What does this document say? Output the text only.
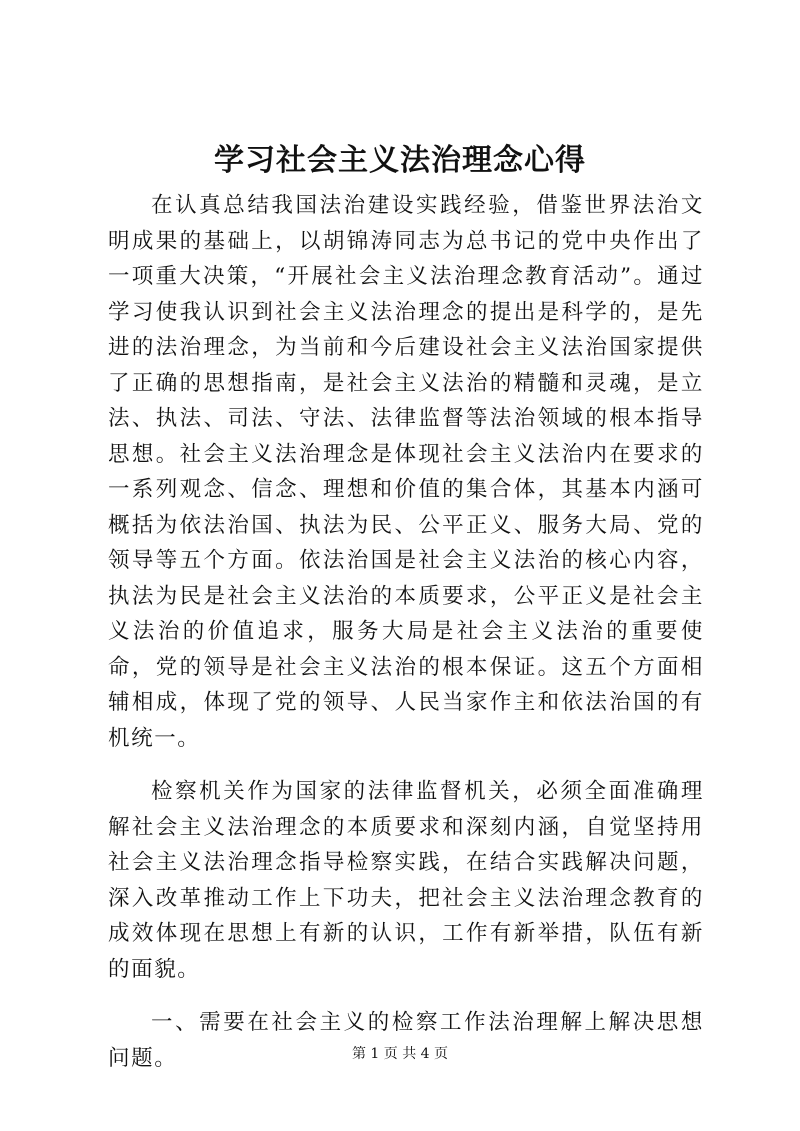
学习社会主义法治理念心得

在认真总结我国法治建设实践经验，借鉴世界法治文明成果的基础上，以胡锦涛同志为总书记的党中央作出了一项重大决策，“开展社会主义法治理念教育活动”。通过学习使我认识到社会主义法治理念的提出是科学的，是先进的法治理念，为当前和今后建设社会主义法治国家提供了正确的思想指南，是社会主义法治的精髓和灵魂，是立法、执法、司法、守法、法律监督等法治领域的根本指导思想。社会主义法治理念是体现社会主义法治内在要求的一系列观念、信念、理想和价值的集合体，其基本内涵可概括为依法治国、执法为民、公平正义、服务大局、党的领导等五个方面。依法治国是社会主义法治的核心内容，执法为民是社会主义法治的本质要求，公平正义是社会主义法治的价值追求，服务大局是社会主义法治的重要使命，党的领导是社会主义法治的根本保证。这五个方面相辅相成，体现了党的领导、人民当家作主和依法治国的有机统一。

检察机关作为国家的法律监督机关，必须全面准确理解社会主义法治理念的本质要求和深刻内涵，自觉坚持用社会主义法治理念指导检察实践，在结合实践解决问题，深入改革推动工作上下功夫，把社会主义法治理念教育的成效体现在思想上有新的认识，工作有新举措，队伍有新的面貌。

一、需要在社会主义的检察工作法治理解上解决思想问题。	第 1 页 共 4 页
